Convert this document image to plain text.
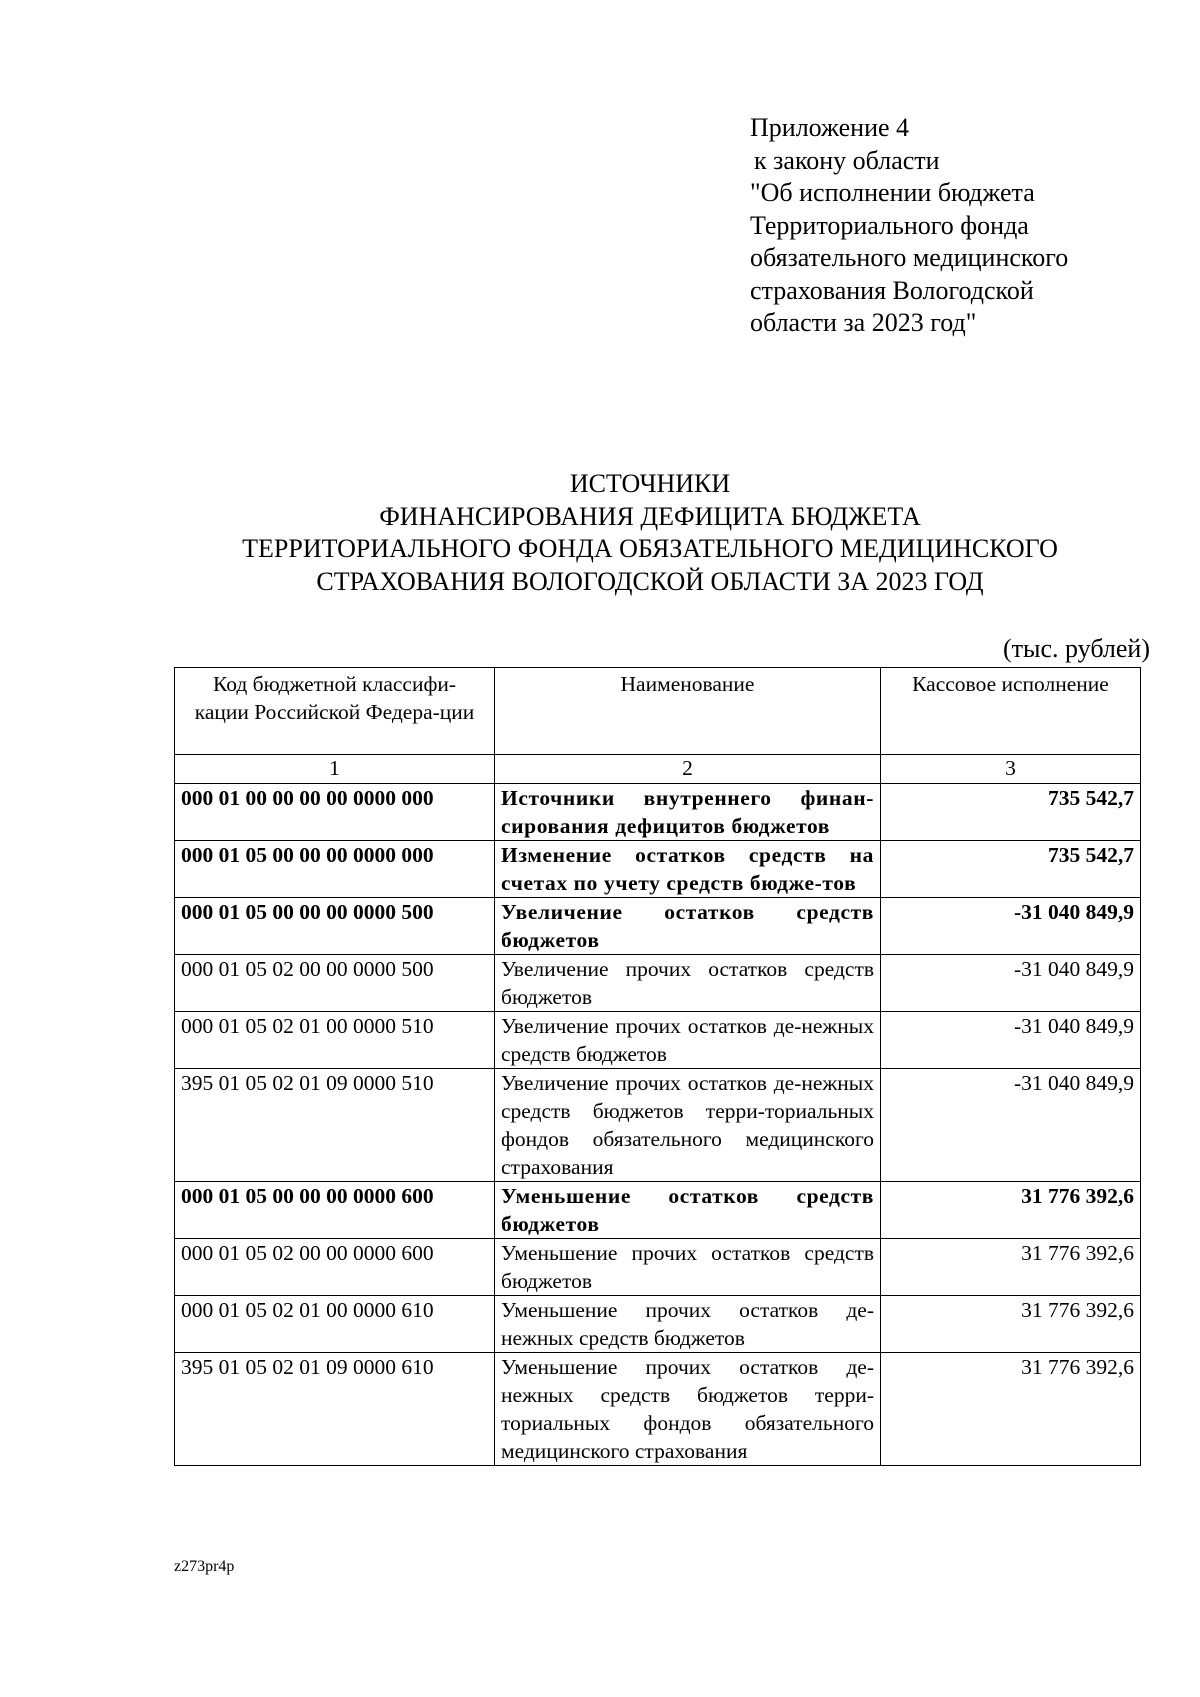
Приложение 4
к закону области
"Об исполнении бюджета
Территориального фонда
обязательного медицинского
страхования Вологодской
области за 2023 год"
ИСТОЧНИКИ
ФИНАНСИРОВАНИЯ ДЕФИЦИТА БЮДЖЕТА
ТЕРРИТОРИАЛЬНОГО ФОНДА ОБЯЗАТЕЛЬНОГО МЕДИЦИНСКОГО
СТРАХОВАНИЯ ВОЛОГОДСКОЙ ОБЛАСТИ ЗА 2023 ГОД
(тыс. рублей)
Код бюджетной классифи-кации Российской Федера-ции	Наименование	Кассовое исполнение
1	2	3
000 01 00 00 00 00 0000 000	Источники внутреннего финан-сирования дефицитов бюджетов	735 542,7
000 01 05 00 00 00 0000 000	Изменение остатков средств на счетах по учету средств бюдже-тов	735 542,7
000 01 05 00 00 00 0000 500	Увеличение остатков средств бюджетов	-31 040 849,9
000 01 05 02 00 00 0000 500	Увеличение прочих остатков средств бюджетов	-31 040 849,9
000 01 05 02 01 00 0000 510	Увеличение прочих остатков де-нежных средств бюджетов	-31 040 849,9
395 01 05 02 01 09 0000 510	Увеличение прочих остатков де-нежных средств бюджетов терри-ториальных фондов обязательного медицинского страхования	-31 040 849,9
000 01 05 00 00 00 0000 600	Уменьшение остатков средств бюджетов	31 776 392,6
000 01 05 02 00 00 0000 600	Уменьшение прочих остатков средств бюджетов	31 776 392,6
000 01 05 02 01 00 0000 610	Уменьшение прочих остатков де-нежных средств бюджетов	31 776 392,6
395 01 05 02 01 09 0000 610	Уменьшение прочих остатков де-нежных средств бюджетов терри-ториальных фондов обязательного медицинского страхования	31 776 392,6
z273pr4p
